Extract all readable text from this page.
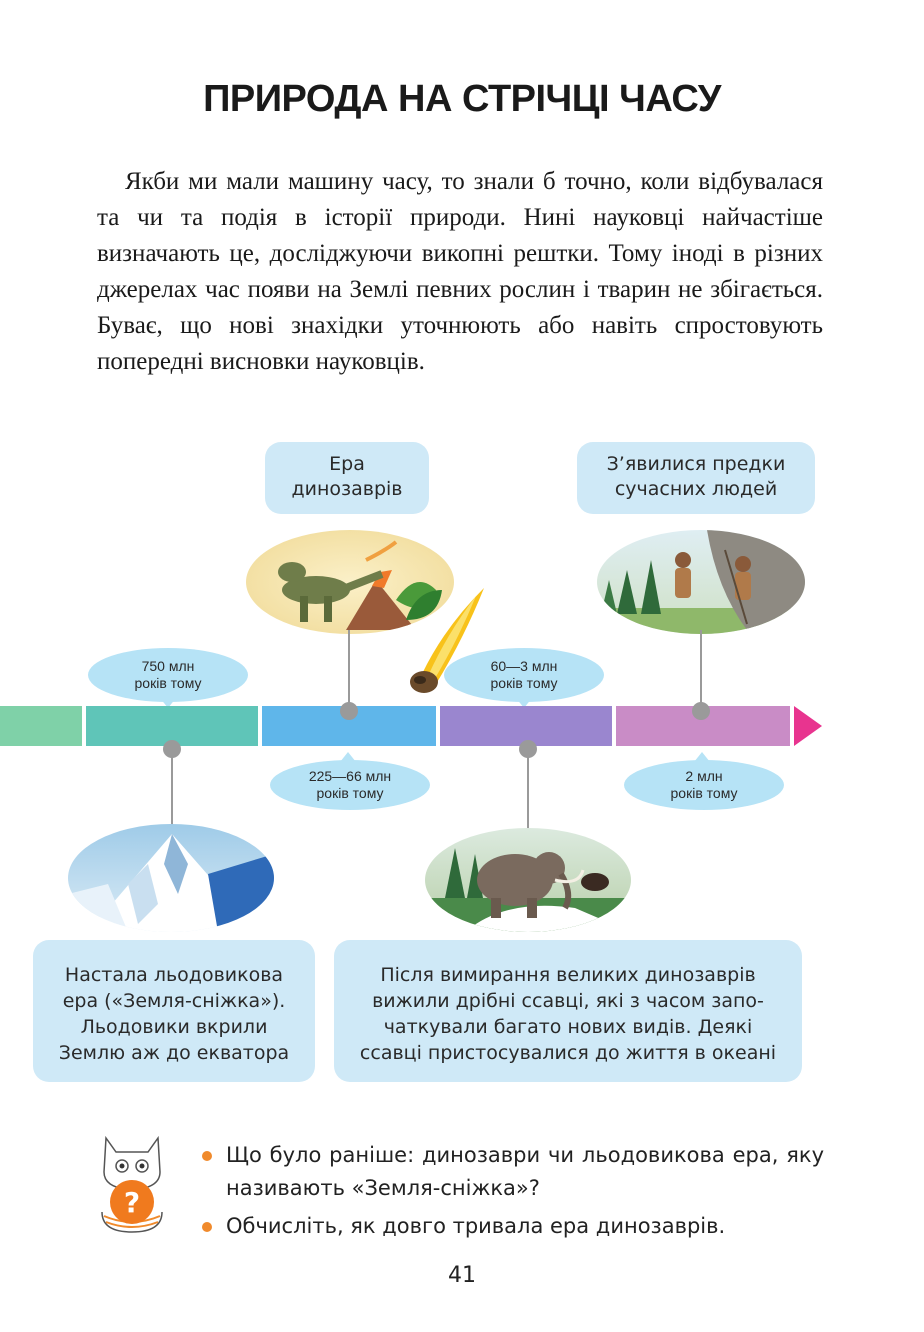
ПРИРОДА НА СТРІЧЦІ ЧАСУ
Якби ми мали машину часу, то знали б точно, коли відбувалася та чи та подія в історії природи. Нині науковці найчастіше визначають це, досліджуючи викопні рештки. Тому іноді в різних джерелах час появи на Землі певних рослин і тварин не збігається. Буває, що нові знахідки уточнюють або навіть спростовують попередні висновки науковців.
Ера
динозаврів
З’явилися предки
сучасних людей
750 млн
років тому
60—3 млн
років тому
225—66 млн
років тому
2 млн
років тому
Настала льодовикова
ера («Земля-сніжка»).
Льодовики вкрили
Землю аж до екватора
Після вимирання великих динозаврів
вижили дрібні ссавці, які з часом запо-
чаткували багато нових видів. Деякі
ссавці пристосувалися до життя в океані
?
Що було раніше: динозаври чи льодовикова ера, яку називають «Земля-сніжка»?
Обчисліть, як довго тривала ера динозаврів.
41
